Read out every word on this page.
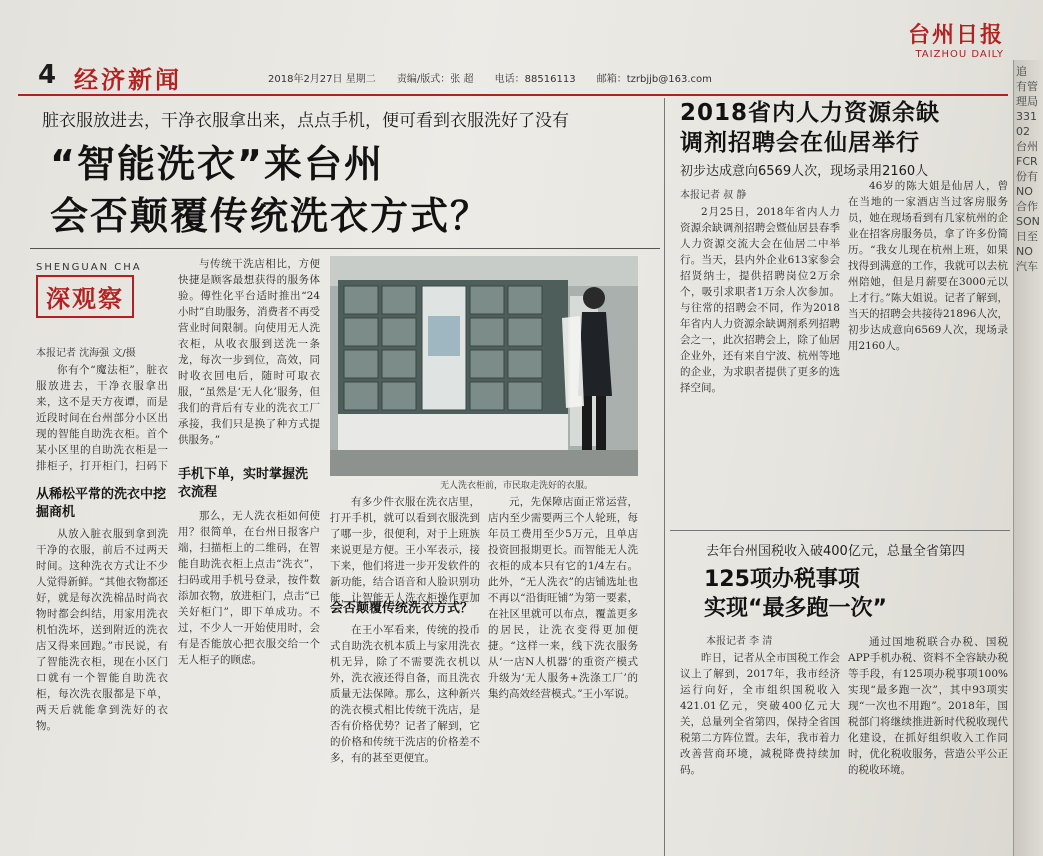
4 经济新闻	2018年2月27日 星期二 责编/版式：张 超 电话：88516113 邮箱：tzrbjjb@163.com
台州日报
TAIZHOU DAILY
脏衣服放进去，干净衣服拿出来，点点手机，便可看到衣服洗好了没有
“智能洗衣”来台州
会否颠覆传统洗衣方式？
SHENGUAN CHA
深观察
本报记者 沈海强 文/摄

你有个“魔法柜”，脏衣服放进去，干净衣服拿出来，这不是天方夜谭，而是近段时间在台州部分小区出现的智能自助洗衣柜。首个某小区里的自助洗衣柜是一排柜子，打开柜门，扫码下

从稀松平常的洗衣中挖掘商机

从放入脏衣服到拿到洗干净的衣服，前后不过两天时间。这种洗衣方式让不少人觉得新鲜。“其他衣物都还好，就是每次洗棉品时尚衣物时都会纠结，用家用洗衣机怕洗坏，送到附近的洗衣店又得来回跑。”市民说，有了智能洗衣柜，现在小区门口就有一个智能自助洗衣柜，每次洗衣服都是下单，两天后就能拿到洗好的衣物。

与传统干洗店相比，方便快捷是顾客最想获得的服务体验。傅性化平台适时推出“24小时”自助服务，消费者不再受营业时间限制。向使用无人洗衣柜，从收衣服到送洗一条龙，每次一步到位，高效，同时收衣回电后，随时可取衣服，“虽然是‘无人化’服务，但我们的背后有专业的洗衣工厂承接，我们只是换了种方式提供服务。”

手机下单，实时掌握洗衣流程

那么，无人洗衣柜如何使用？很简单，在台州日报客户端，扫描柜上的二维码，在智能自助洗衣柜上点击“洗衣”，扫码或用手机号登录，按件数添加衣物，放进柜门，点击“已关好柜门”，即下单成功。不过，不少人一开始使用时，会有是否能放心把衣服交给一个无人柜子的顾虑。

无人洗衣柜前，市民取走洗好的衣服。

有多少件衣服在洗衣店里，打开手机，就可以看到衣服洗到了哪一步，很便利，对于上班族来说更是方便。王小军表示，接下来，他们将进一步开发软件的新功能，结合语音和人脸识别功能，让智能无人洗衣柜操作更加

会否颠覆传统洗衣方式？

在王小军看来，传统的投币式自助洗衣机本质上与家用洗衣机无异，除了不需要洗衣机以外，洗衣液还得自备，而且洗衣质量无法保障。那么，这种新兴的洗衣模式相比传统干洗店，是否有价格优势？记者了解到，它的价格和传统干洗店的价格差不多，有的甚至更便宜。

元，先保障店面正常运营，店内至少需要两三个人轮班，每年员工费用至少5万元，且单店投资回报期更长。而智能无人洗衣柜的成本只有它的1/4左右。此外，“无人洗衣”的店铺选址也不再以“沿街旺铺”为第一要素，在社区里就可以布点，覆盖更多的居民，让洗衣变得更加便捷。“这样一来，线下洗衣服务从‘一店N人机器’的重资产模式升级为‘无人服务+洗涤工厂’的集约高效经营模式。”王小军说。

2018省内人力资源余缺
调剂招聘会在仙居举行
初步达成意向6569人次，现场录用2160人
本报记者 叔 静

2月25日，2018年省内人力资源余缺调剂招聘会暨仙居县春季人力资源交流大会在仙居二中举行。当天，县内外企业613家参会招贤纳士，提供招聘岗位2万余个，吸引求职者1万余人次参加。与往常的招聘会不同，作为2018年省内人力资源余缺调剂系列招聘会之一，此次招聘会上，除了仙居企业外，还有来自宁波、杭州等地的企业，为求职者提供了更多的选择空间。

46岁的陈大姐是仙居人，曾在当地的一家酒店当过客房服务员，她在现场看到有几家杭州的企业在招客房服务员，拿了许多份简历。“我女儿现在杭州上班，如果找得到满意的工作，我就可以去杭州陪她，但是月薪要在3000元以上才行。”陈大姐说。记者了解到，当天的招聘会共接待21896人次，初步达成意向6569人次，现场录用2160人。

去年台州国税收入破400亿元，总量全省第四
125项办税事项
实现“最多跑一次”
本报记者 李 清

昨日，记者从全市国税工作会议上了解到，2017年，我市经济运行向好，全市组织国税收入421.01亿元，突破400亿元大关，总量列全省第四，保持全省国税第二方阵位置。去年，我市着力改善营商环境，减税降费持续加码。

通过国地税联合办税、国税APP手机办税、资料不全容缺办税等手段，有125项办税事项100%实现“最多跑一次”，其中93项实现“一次也不用跑”。2018年，国税部门将继续推进新时代税收现代化建设，在抓好组织收入工作同时，优化税收服务，营造公平公正的税收环境。

追 有管理局 33102 台州 FCR 份有 NO 合作 SON 日至 NO 汽车
